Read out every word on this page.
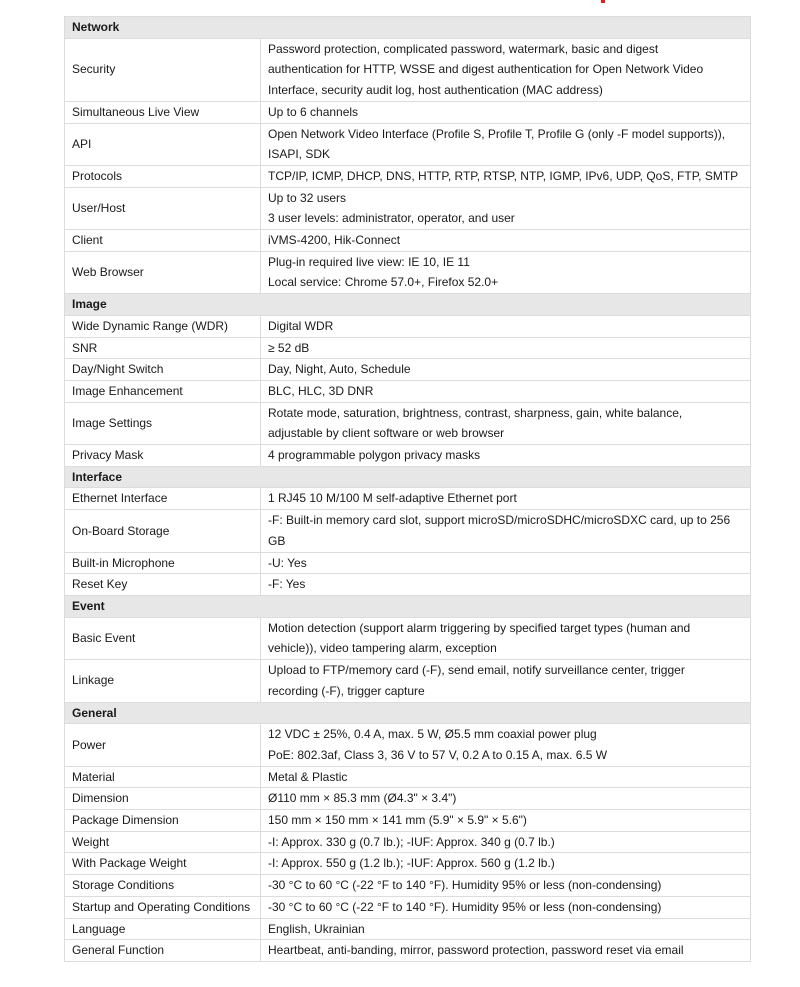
Network	
Security	Password protection, complicated password, watermark, basic and digest
authentication for HTTP, WSSE and digest authentication for Open Network Video
Interface, security audit log, host authentication (MAC address)

Simultaneous Live View	Up to 6 channels

API	Open Network Video Interface (Profile S, Profile T, Profile G (only -F model supports)),
ISAPI, SDK

Protocols	TCP/IP, ICMP, DHCP, DNS, HTTP, RTP, RTSP, NTP, IGMP, IPv6, UDP, QoS, FTP, SMTP

User/Host	Up to 32 users
3 user levels: administrator, operator, and user

Client	iVMS-4200, Hik-Connect

Web Browser	Plug-in required live view: IE 10, IE 11
Local service: Chrome 57.0+, Firefox 52.0+

Image	
Wide Dynamic Range (WDR)	Digital WDR

SNR	≥ 52 dB

Day/Night Switch	Day, Night, Auto, Schedule

Image Enhancement	BLC, HLC, 3D DNR

Image Settings	Rotate mode, saturation, brightness, contrast, sharpness, gain, white balance,
adjustable by client software or web browser

Privacy Mask	4 programmable polygon privacy masks

Interface	
Ethernet Interface	1 RJ45 10 M/100 M self-adaptive Ethernet port

On-Board Storage	-F: Built-in memory card slot, support microSD/microSDHC/microSDXC card, up to 256
GB

Built-in Microphone	-U: Yes

Reset Key	-F: Yes

Event	
Basic Event	Motion detection (support alarm triggering by specified target types (human and
vehicle)), video tampering alarm, exception

Linkage	Upload to FTP/memory card (-F), send email, notify surveillance center, trigger
recording (-F), trigger capture

General	
Power	12 VDC ± 25%, 0.4 A, max. 5 W, Ø5.5 mm coaxial power plug
PoE: 802.3af, Class 3, 36 V to 57 V, 0.2 A to 0.15 A, max. 6.5 W

Material	Metal & Plastic

Dimension	Ø110 mm × 85.3 mm (Ø4.3" × 3.4")

Package Dimension	150 mm × 150 mm × 141 mm (5.9" × 5.9" × 5.6")

Weight	-I: Approx. 330 g (0.7 lb.); -IUF: Approx. 340 g (0.7 lb.)

With Package Weight	-I: Approx. 550 g (1.2 lb.); -IUF: Approx. 560 g (1.2 lb.)

Storage Conditions	-30 °C to 60 °C (-22 °F to 140 °F). Humidity 95% or less (non-condensing)

Startup and Operating Conditions	-30 °C to 60 °C (-22 °F to 140 °F). Humidity 95% or less (non-condensing)

Language	English, Ukrainian

General Function	Heartbeat, anti-banding, mirror, password protection, password reset via email
